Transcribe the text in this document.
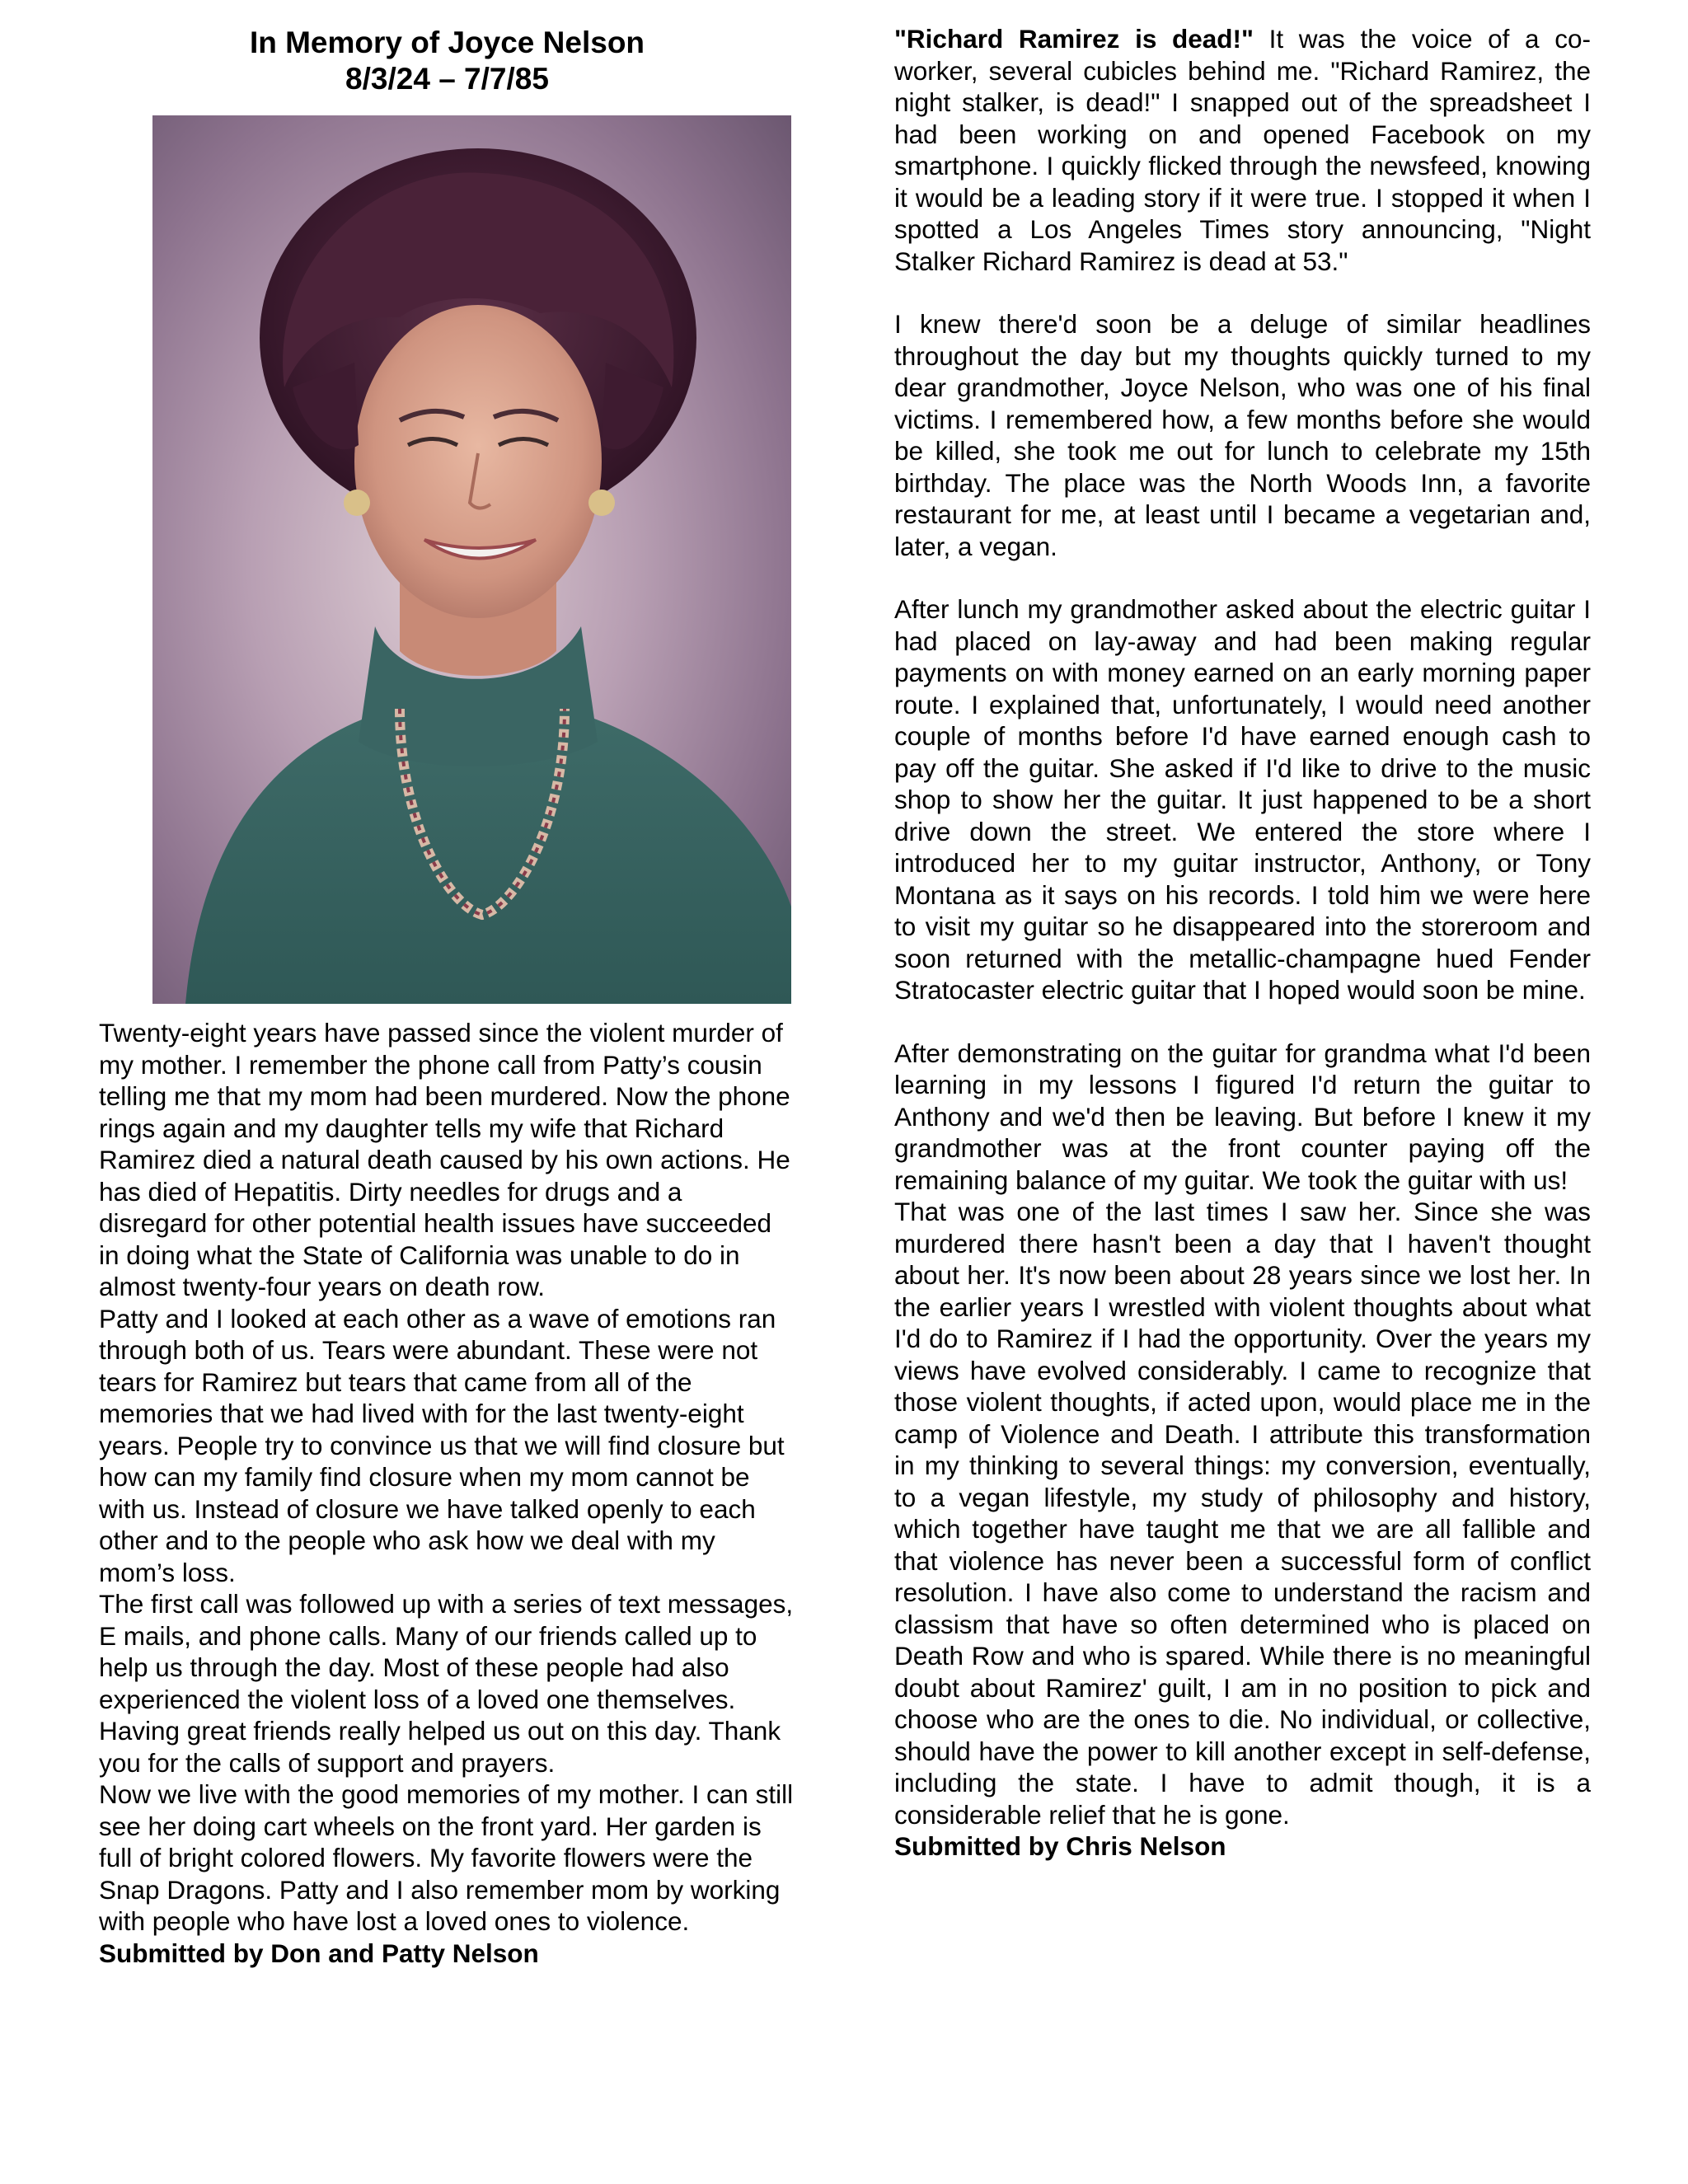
In Memory of Joyce Nelson
8/3/24 – 7/7/85

Twenty-eight years have passed since the violent murder of my mother. I remember the phone call from Patty’s cousin telling me that my mom had been murdered. Now the phone rings again and my daughter tells my wife that Richard Ramirez died a natural death caused by his own actions. He has died of Hepatitis. Dirty needles for drugs and a disregard for other potential health issues have succeeded in doing what the State of California was unable to do in almost twenty-four years on death row.

Patty and I looked at each other as a wave of emotions ran through both of us. Tears were abundant. These were not tears for Ramirez but tears that came from all of the memories that we had lived with for the last twenty-eight years. People try to convince us that we will find closure but how can my family find closure when my mom cannot be with us. Instead of closure we have talked openly to each other and to the people who ask how we deal with my mom’s loss.

The first call was followed up with a series of text messages, E mails, and phone calls. Many of our friends called up to help us through the day. Most of these people had also experienced the violent loss of a loved one themselves. Having great friends really helped us out on this day. Thank you for the calls of support and prayers.

Now we live with the good memories of my mother. I can still see her doing cart wheels on the front yard. Her garden is full of bright colored flowers. My favorite flowers were the Snap Dragons. Patty and I also remember mom by working with people who have lost a loved ones to violence.

Submitted by Don and Patty Nelson

"Richard Ramirez is dead!" It was the voice of a co-worker, several cubicles behind me. "Richard Ramirez, the night stalker, is dead!" I snapped out of the spreadsheet I had been working on and opened Facebook on my smartphone. I quickly flicked through the newsfeed, knowing it would be a leading story if it were true. I stopped it when I spotted a Los Angeles Times story announcing, "Night Stalker Richard Ramirez is dead at 53."

I knew there'd soon be a deluge of similar headlines throughout the day but my thoughts quickly turned to my dear grandmother, Joyce Nelson, who was one of his final victims. I remembered how, a few months before she would be killed, she took me out for lunch to celebrate my 15th birthday. The place was the North Woods Inn, a favorite restaurant for me, at least until I became a vegetarian and, later, a vegan.

After lunch my grandmother asked about the electric guitar I had placed on lay-away and had been making regular payments on with money earned on an early morning paper route. I explained that, unfortunately, I would need another couple of months before I'd have earned enough cash to pay off the guitar. She asked if I'd like to drive to the music shop to show her the guitar. It just happened to be a short drive down the street. We entered the store where I introduced her to my guitar instructor, Anthony, or Tony Montana as it says on his records. I told him we were here to visit my guitar so he disappeared into the storeroom and soon returned with the metallic-champagne hued Fender Stratocaster electric guitar that I hoped would soon be mine.

After demonstrating on the guitar for grandma what I'd been learning in my lessons I figured I'd return the guitar to Anthony and we'd then be leaving. But before I knew it my grandmother was at the front counter paying off the remaining balance of my guitar. We took the guitar with us!

That was one of the last times I saw her. Since she was murdered there hasn't been a day that I haven't thought about her. It's now been about 28 years since we lost her. In the earlier years I wrestled with violent thoughts about what I'd do to Ramirez if I had the opportunity. Over the years my views have evolved considerably. I came to recognize that those violent thoughts, if acted upon, would place me in the camp of Violence and Death. I attribute this transformation in my thinking to several things: my conversion, eventually, to a vegan lifestyle, my study of philosophy and history, which together have taught me that we are all fallible and that violence has never been a successful form of conflict resolution. I have also come to understand the racism and classism that have so often determined who is placed on Death Row and who is spared. While there is no meaningful doubt about Ramirez' guilt, I am in no position to pick and choose who are the ones to die. No individual, or collective, should have the power to kill another except in self-defense, including the state. I have to admit though, it is a considerable relief that he is gone.

Submitted by Chris Nelson
